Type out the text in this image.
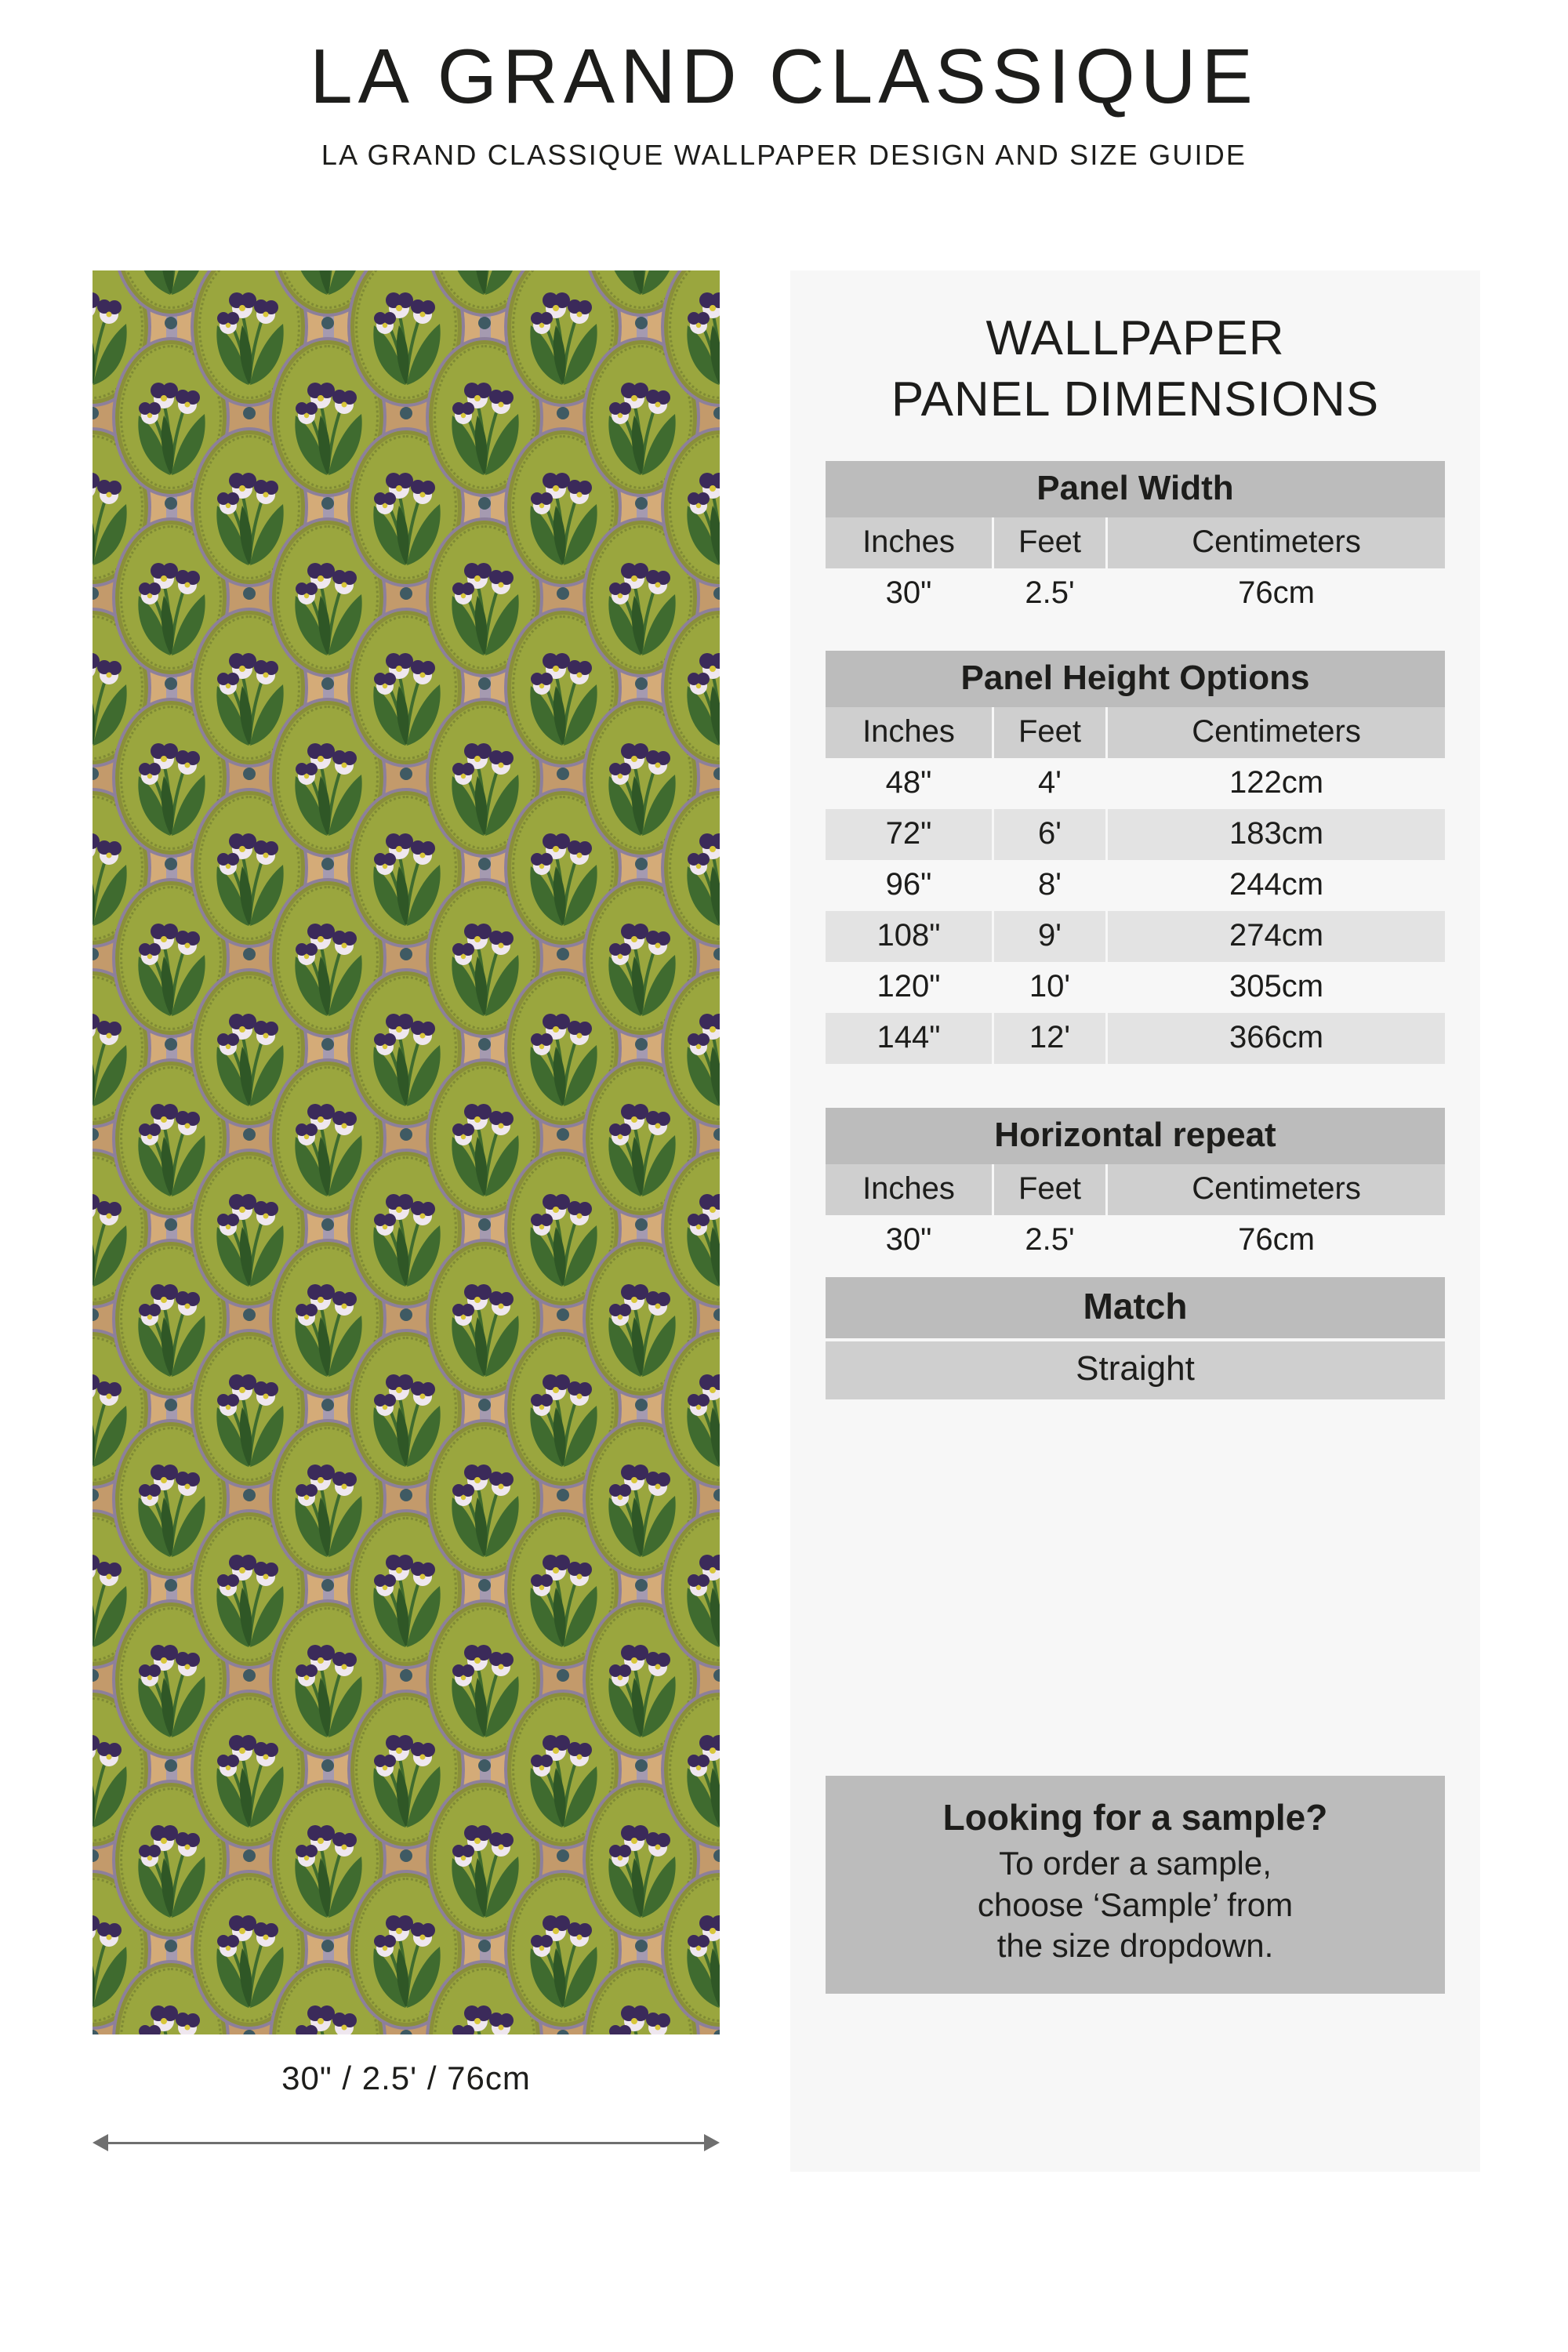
LA GRAND CLASSIQUE

LA GRAND CLASSIQUE WALLPAPER DESIGN AND SIZE GUIDE

30" / 2.5' / 76cm
WALLPAPER
PANEL DIMENSIONS
Panel Width
Inches	Feet	Centimeters
30"	2.5'	76cm
Panel Height Options
Inches	Feet	Centimeters
48"	4'	122cm
72"	6'	183cm
96"	8'	244cm
108"	9'	274cm
120"	10'	305cm
144"	12'	366cm
Horizontal repeat
Inches	Feet	Centimeters
30"	2.5'	76cm
Match
Straight

Looking for a sample?

To order a sample,
choose ‘Sample’ from
the size dropdown.
